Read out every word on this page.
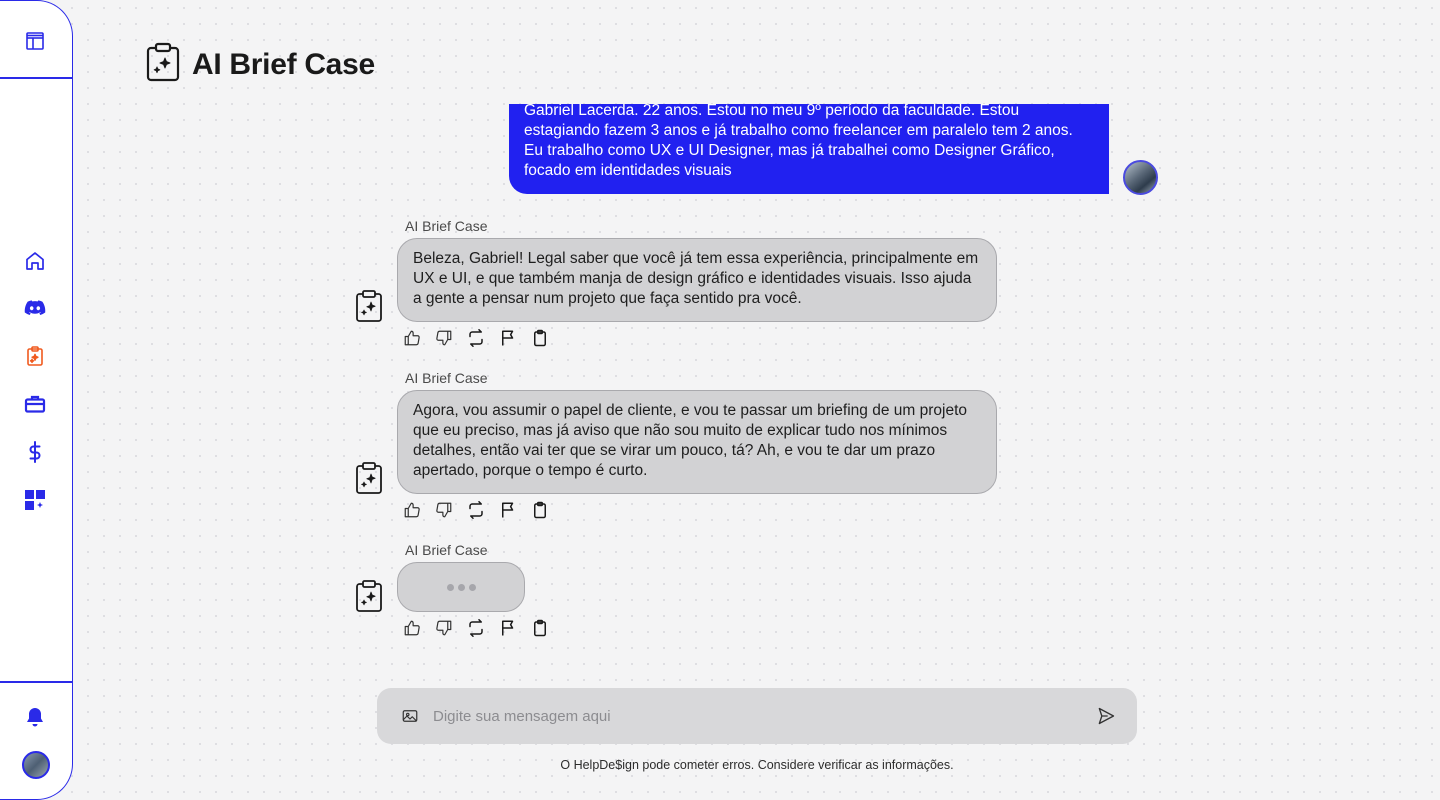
AI Brief Case

Gabriel Lacerda. 22 anos. Estou no meu 9º período da faculdade. Estou estagiando fazem 3 anos e já trabalho como freelancer em paralelo tem 2 anos. Eu trabalho como UX e UI Designer, mas já trabalhei como Designer Gráfico, focado em identidades visuais

AI Brief Case

Beleza, Gabriel! Legal saber que você já tem essa experiência, principalmente em UX e UI, e que também manja de design gráfico e identidades visuais. Isso ajuda a gente a pensar num projeto que faça sentido pra você.

AI Brief Case

Agora, vou assumir o papel de cliente, e vou te passar um briefing de um projeto que eu preciso, mas já aviso que não sou muito de explicar tudo nos mínimos detalhes, então vai ter que se virar um pouco, tá? Ah, e vou te dar um prazo apertado, porque o tempo é curto.

AI Brief Case
Digite sua mensagem aqui
O HelpDe$ign pode cometer erros. Considere verificar as informações.
